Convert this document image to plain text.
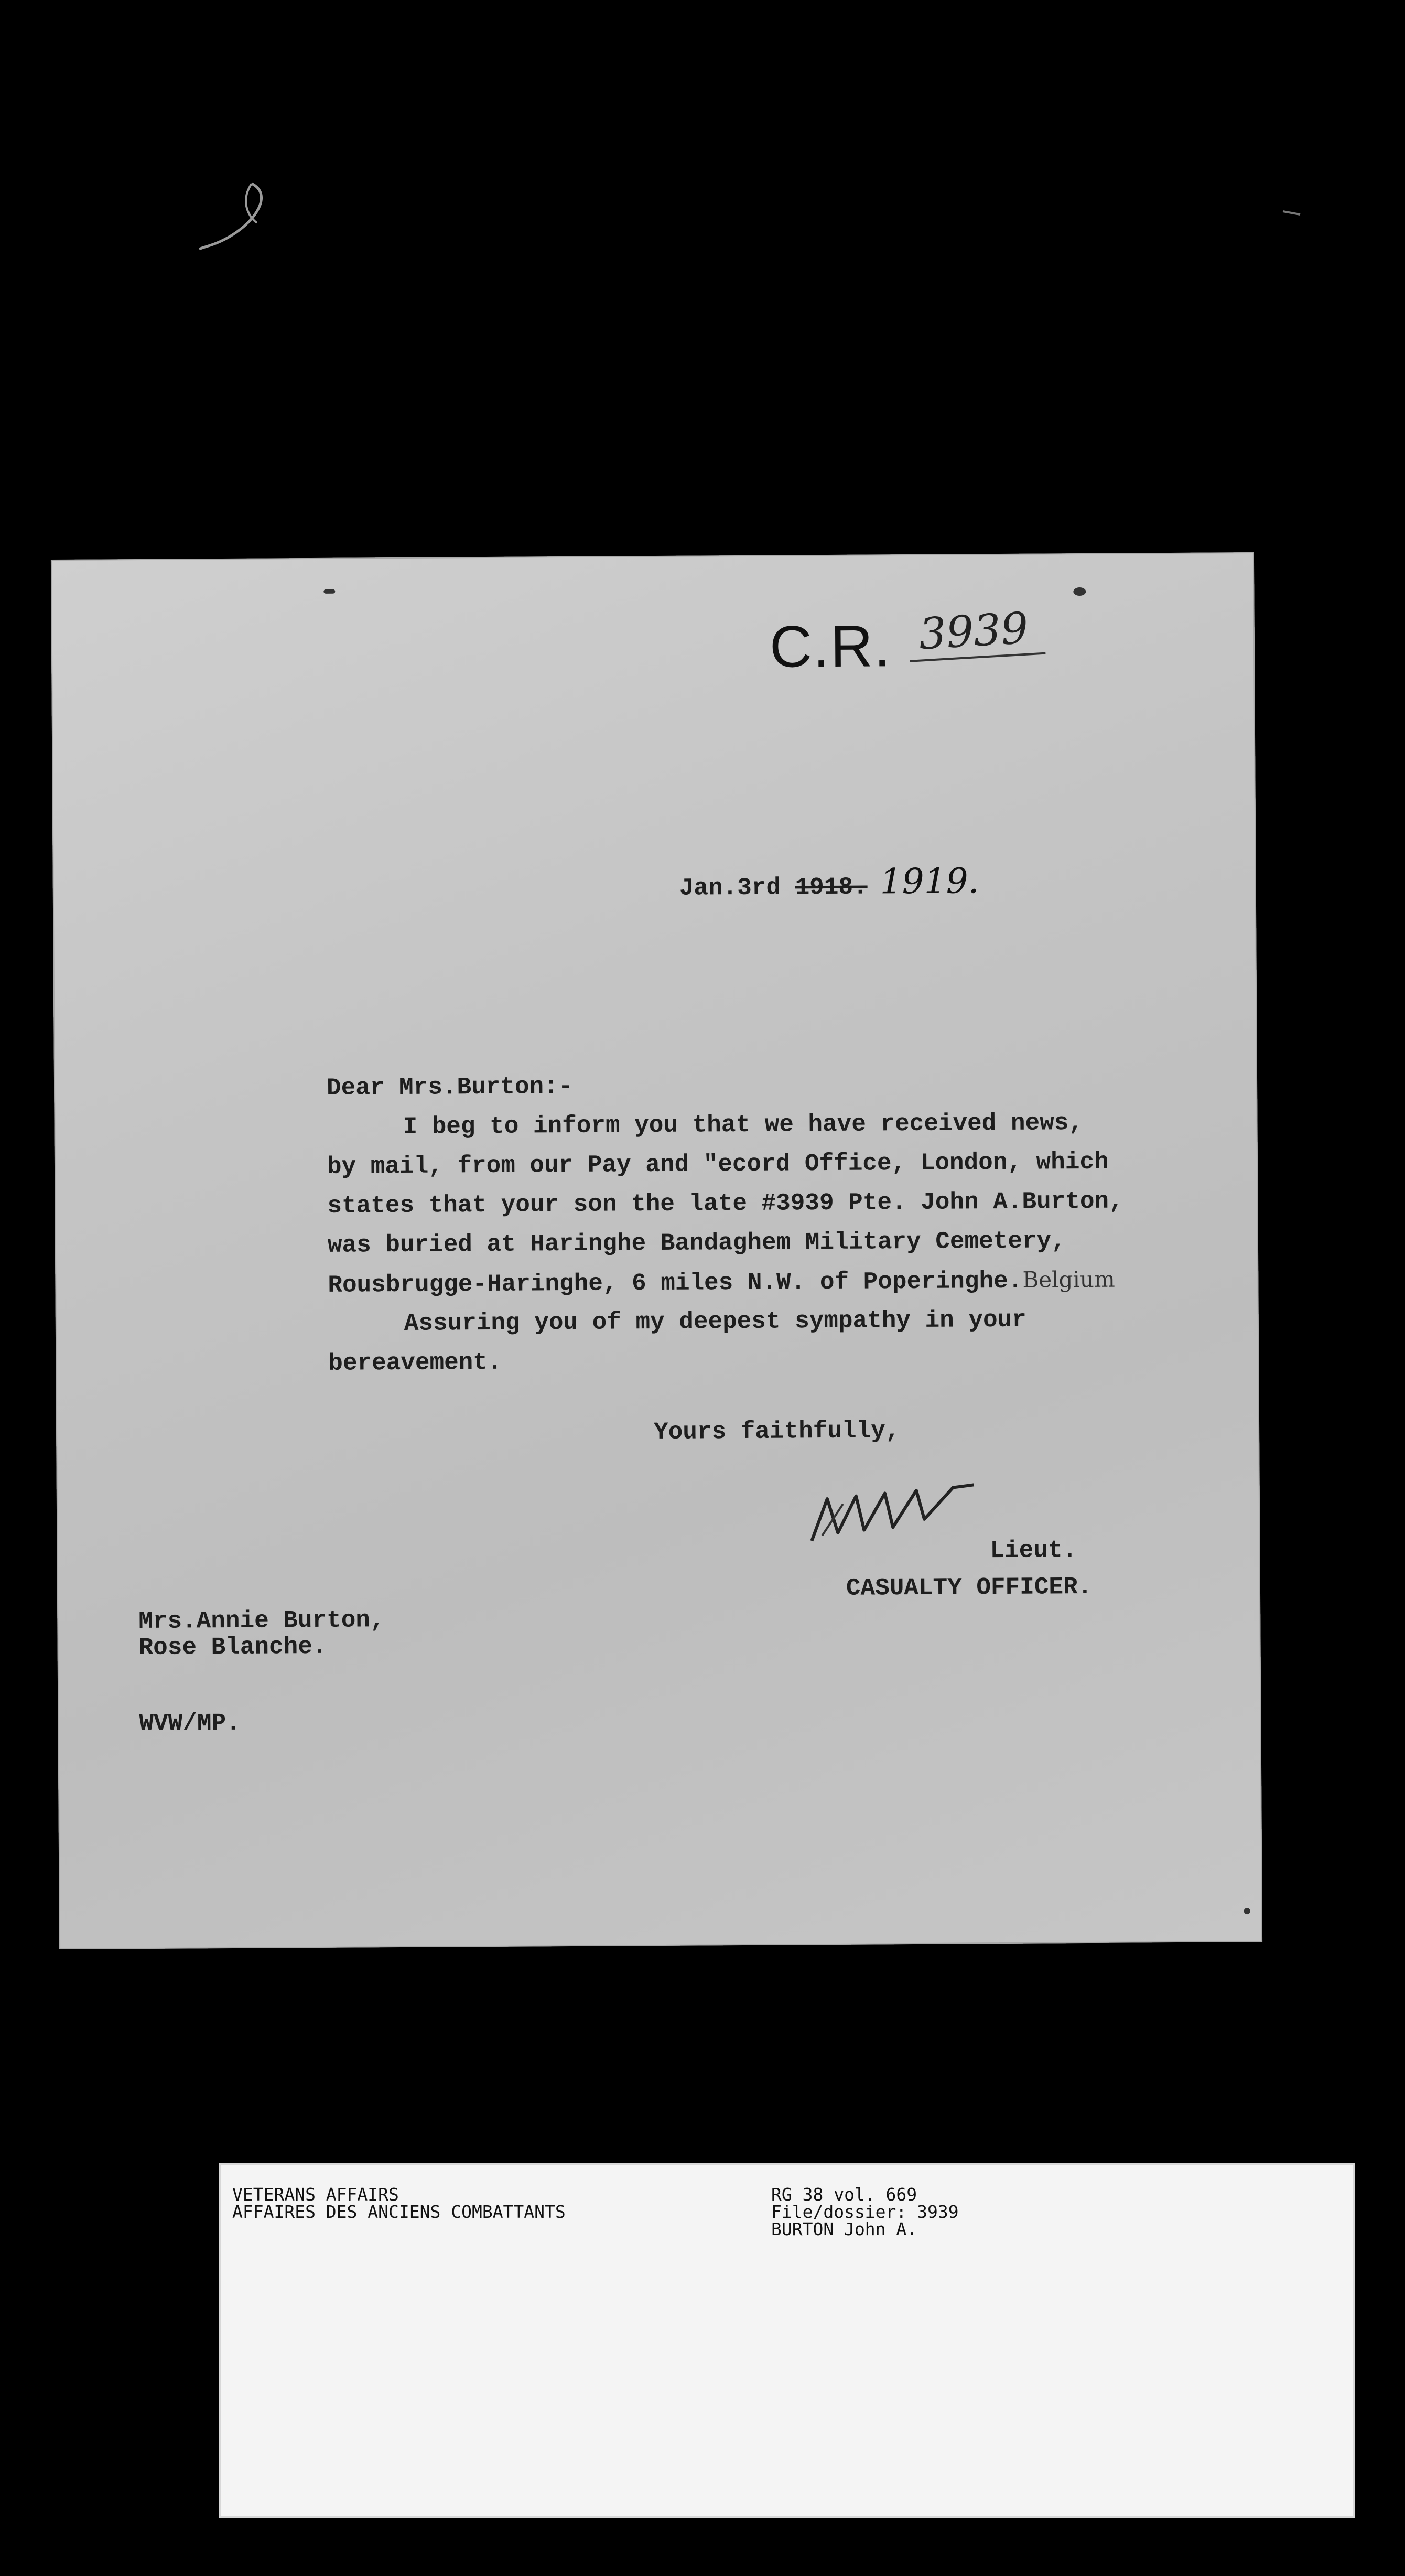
C.R. 3939
Jan.3rd 1918. 1919.
Dear Mrs.Burton:-
I beg to inform you that we have received news,
by mail, from our Pay and "ecord Office, London, which
states that your son the late #3939 Pte. John A.Burton,
was buried at Haringhe Bandaghem Military Cemetery,
Rousbrugge-Haringhe, 6 miles N.W. of Poperinghe.Belgium
Assuring you of my deepest sympathy in your
bereavement.
Yours faithfully,
Lieut.
CASUALTY OFFICER.
Mrs.Annie Burton,
Rose Blanche.
WVW/MP.
VETERANS AFFAIRS
AFFAIRES DES ANCIENS COMBATTANTS
RG 38 vol. 669
File/dossier: 3939
BURTON John A.
